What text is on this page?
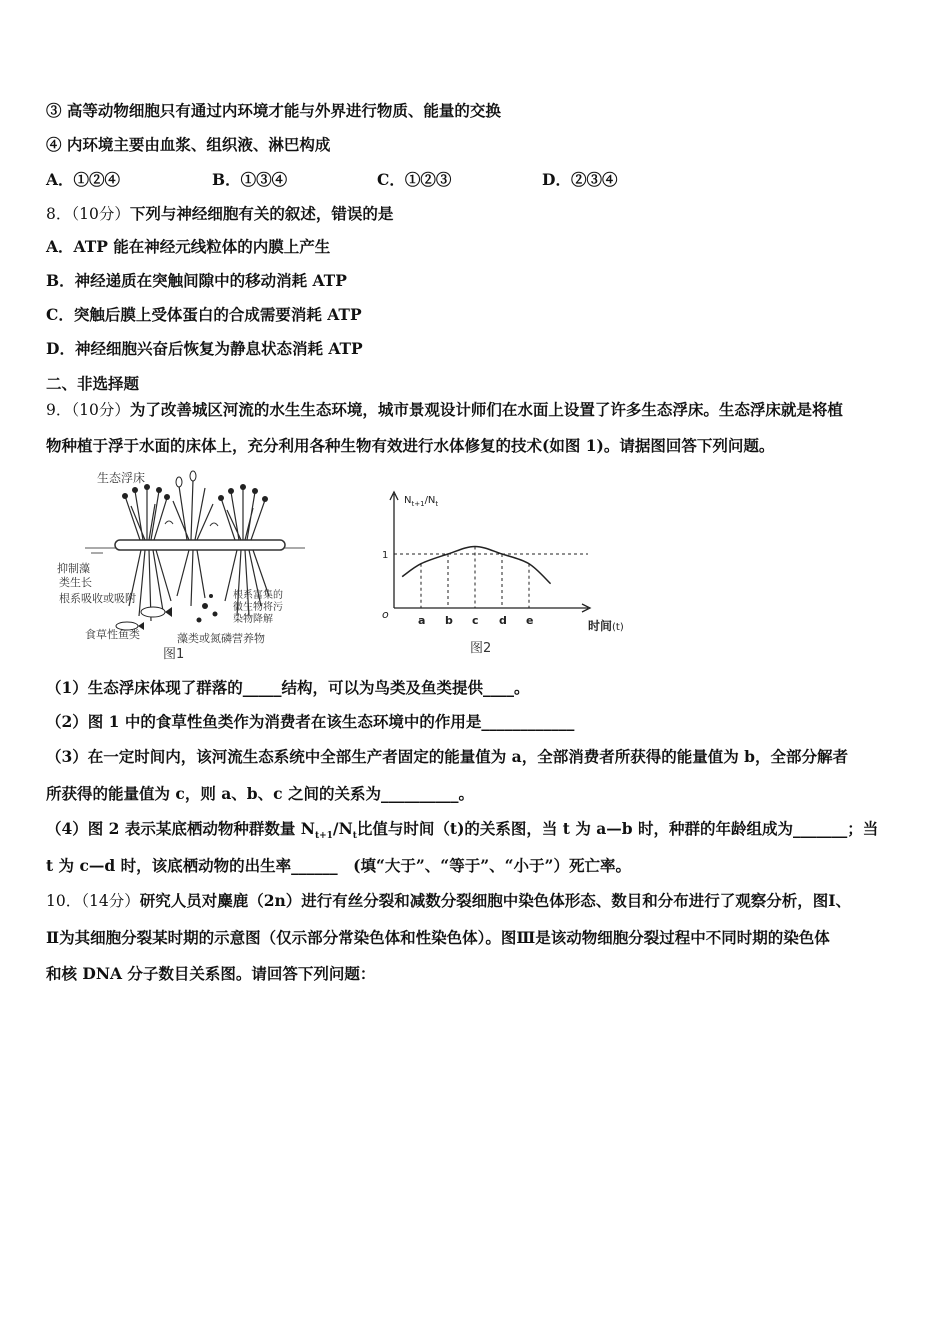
③ 高等动物细胞只有通过内环境才能与外界进行物质、能量的交换
④ 内环境主要由血浆、组织液、淋巴构成
A．①②④	B．①③④	C．①②③	D．②③④
8．（10分）下列与神经细胞有关的叙述，错误的是
A．ATP 能在神经元线粒体的内膜上产生
B．神经递质在突触间隙中的移动消耗 ATP
C．突触后膜上受体蛋白的合成需要消耗 ATP
D．神经细胞兴奋后恢复为静息状态消耗 ATP
二、非选择题
9．（10分）为了改善城区河流的水生生态环境，城市景观设计师们在水面上设置了许多生态浮床。生态浮床就是将植
物种植于浮于水面的床体上，充分利用各种生物有效进行水体修复的技术(如图 1)。请据图回答下列问题。
生态浮床
抑制藻
类生长
根系吸收或吸附	根系富集的
微生物将污
染物降解
食草性鱼类	藻类或氮磷营养物
图1
$N_{t+1}/N_t$
o
1
a b c d e	时间(t)
图2
（1）生态浮床体现了群落的_____结构，可以为鸟类及鱼类提供____。
（2）图 1 中的食草性鱼类作为消费者在该生态环境中的作用是____________
（3）在一定时间内，该河流生态系统中全部生产者固定的能量值为 a，全部消费者所获得的能量值为 b，全部分解者
所获得的能量值为 c，则 a、b、c 之间的关系为__________。
（4）图 2 表示某底栖动物种群数量 $N_{t+1}/N_t$比值与时间（t)的关系图，当 t 为 a—b 时，种群的年龄组成为_______；当
t 为 c—d 时，该底栖动物的出生率______　(填“大于”、“等于”、“小于”）死亡率。
10．（14分）研究人员对麋鹿（2n）进行有丝分裂和减数分裂细胞中染色体形态、数目和分布进行了观察分析，图Ⅰ、
Ⅱ为其细胞分裂某时期的示意图（仅示部分常染色体和性染色体）。图Ⅲ是该动物细胞分裂过程中不同时期的染色体
和核 DNA 分子数目关系图。请回答下列问题：
